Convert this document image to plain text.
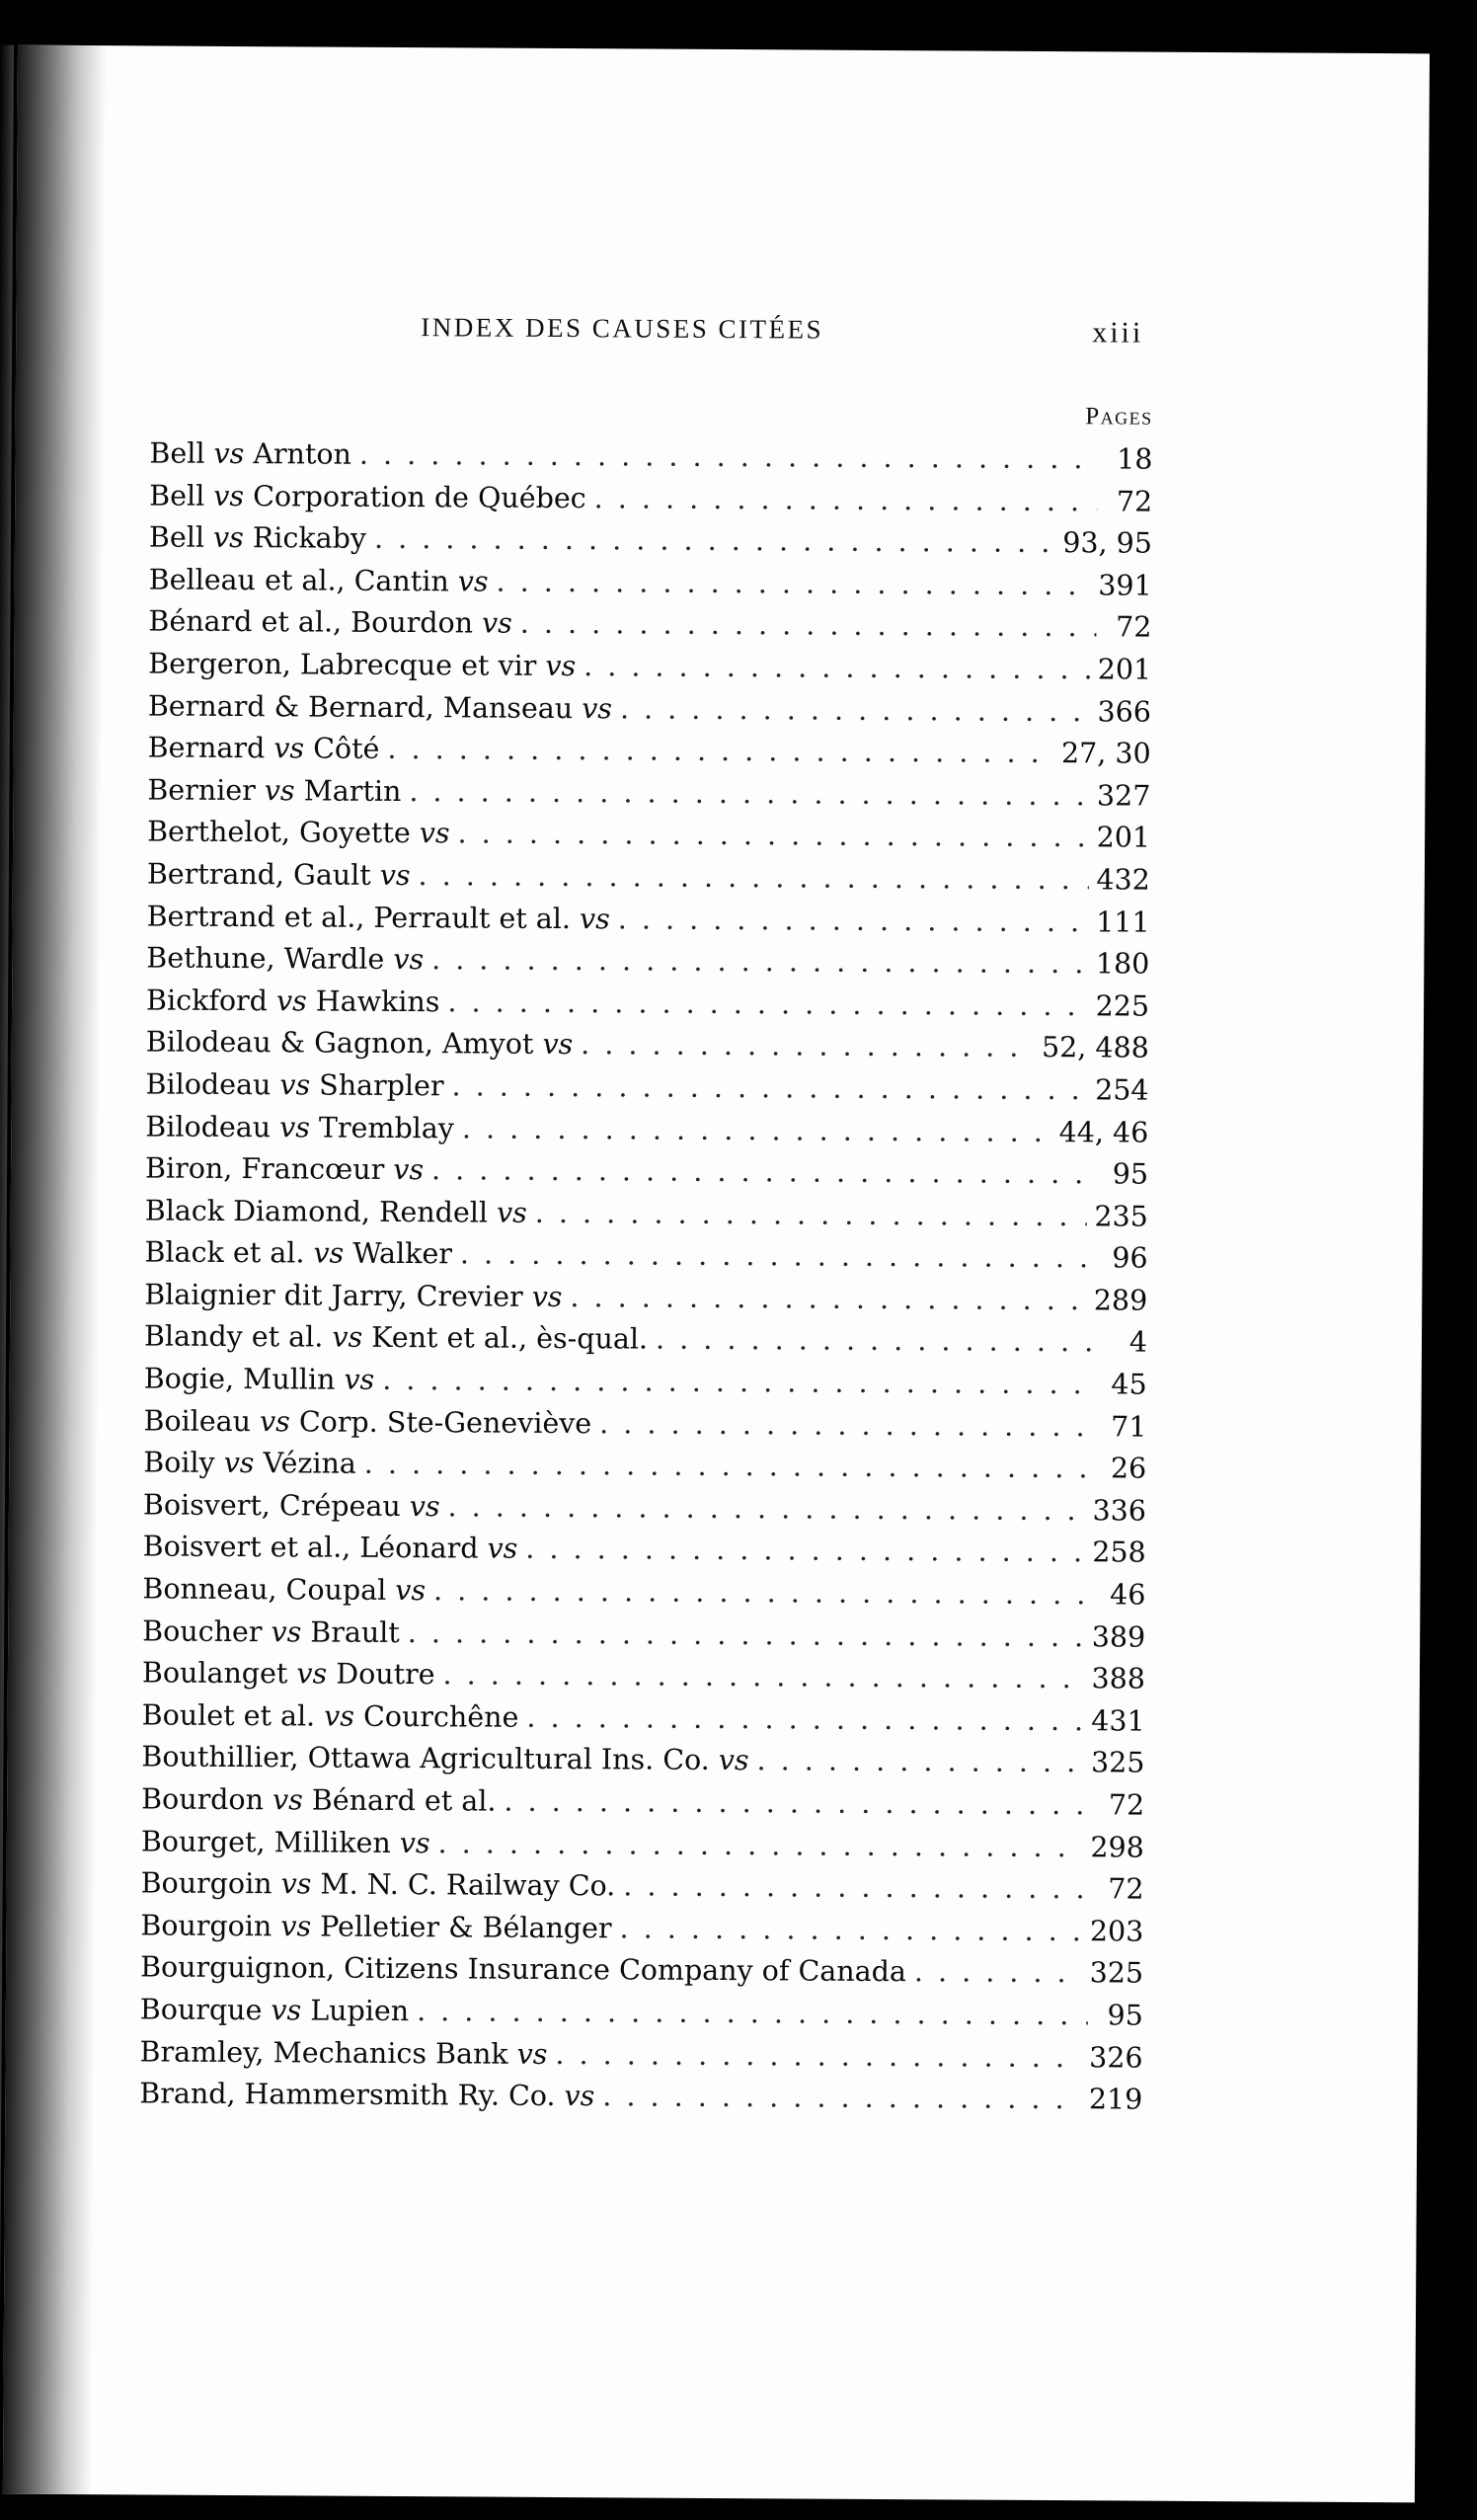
INDEX DES CAUSES CITÉES	xiii
Pages
Bell vs Arnton . . .	18
Bell vs Corporation de Québec . . .	72
Bell vs Rickaby . . .	93, 95
Belleau et al., Cantin vs . . .	391
Bénard et al., Bourdon vs . . .	72
Bergeron, Labrecque et vir vs . . .	201
Bernard & Bernard, Manseau vs . . .	366
Bernard vs Côté . . .	27, 30
Bernier vs Martin . . .	327
Berthelot, Goyette vs . . .	201
Bertrand, Gault vs . . .	432
Bertrand et al., Perrault et al. vs . . .	111
Bethune, Wardle vs . . .	180
Bickford vs Hawkins . . .	225
Bilodeau & Gagnon, Amyot vs . . .	52, 488
Bilodeau vs Sharpler . . .	254
Bilodeau vs Tremblay . . .	44, 46
Biron, Francœur vs . . .	95
Black Diamond, Rendell vs . . .	235
Black et al. vs Walker . . .	96
Blaignier dit Jarry, Crevier vs . . .	289
Blandy et al. vs Kent et al., ès-qual. . . .	4
Bogie, Mullin vs . . .	45
Boileau vs Corp. Ste-Geneviève . . .	71
Boily vs Vézina . . .	26
Boisvert, Crépeau vs . . .	336
Boisvert et al., Léonard vs . . .	258
Bonneau, Coupal vs . . .	46
Boucher vs Brault . . .	389
Boulanget vs Doutre . . .	388
Boulet et al. vs Courchêne . . .	431
Bouthillier, Ottawa Agricultural Ins. Co. vs . . .	325
Bourdon vs Bénard et al. . . .	72
Bourget, Milliken vs . . .	298
Bourgoin vs M. N. C. Railway Co. . . .	72
Bourgoin vs Pelletier & Bélanger . . .	203
Bourguignon, Citizens Insurance Company of Canada . . .	325
Bourque vs Lupien . . .	95
Bramley, Mechanics Bank vs . . .	326
Brand, Hammersmith Ry. Co. vs . . .	219
